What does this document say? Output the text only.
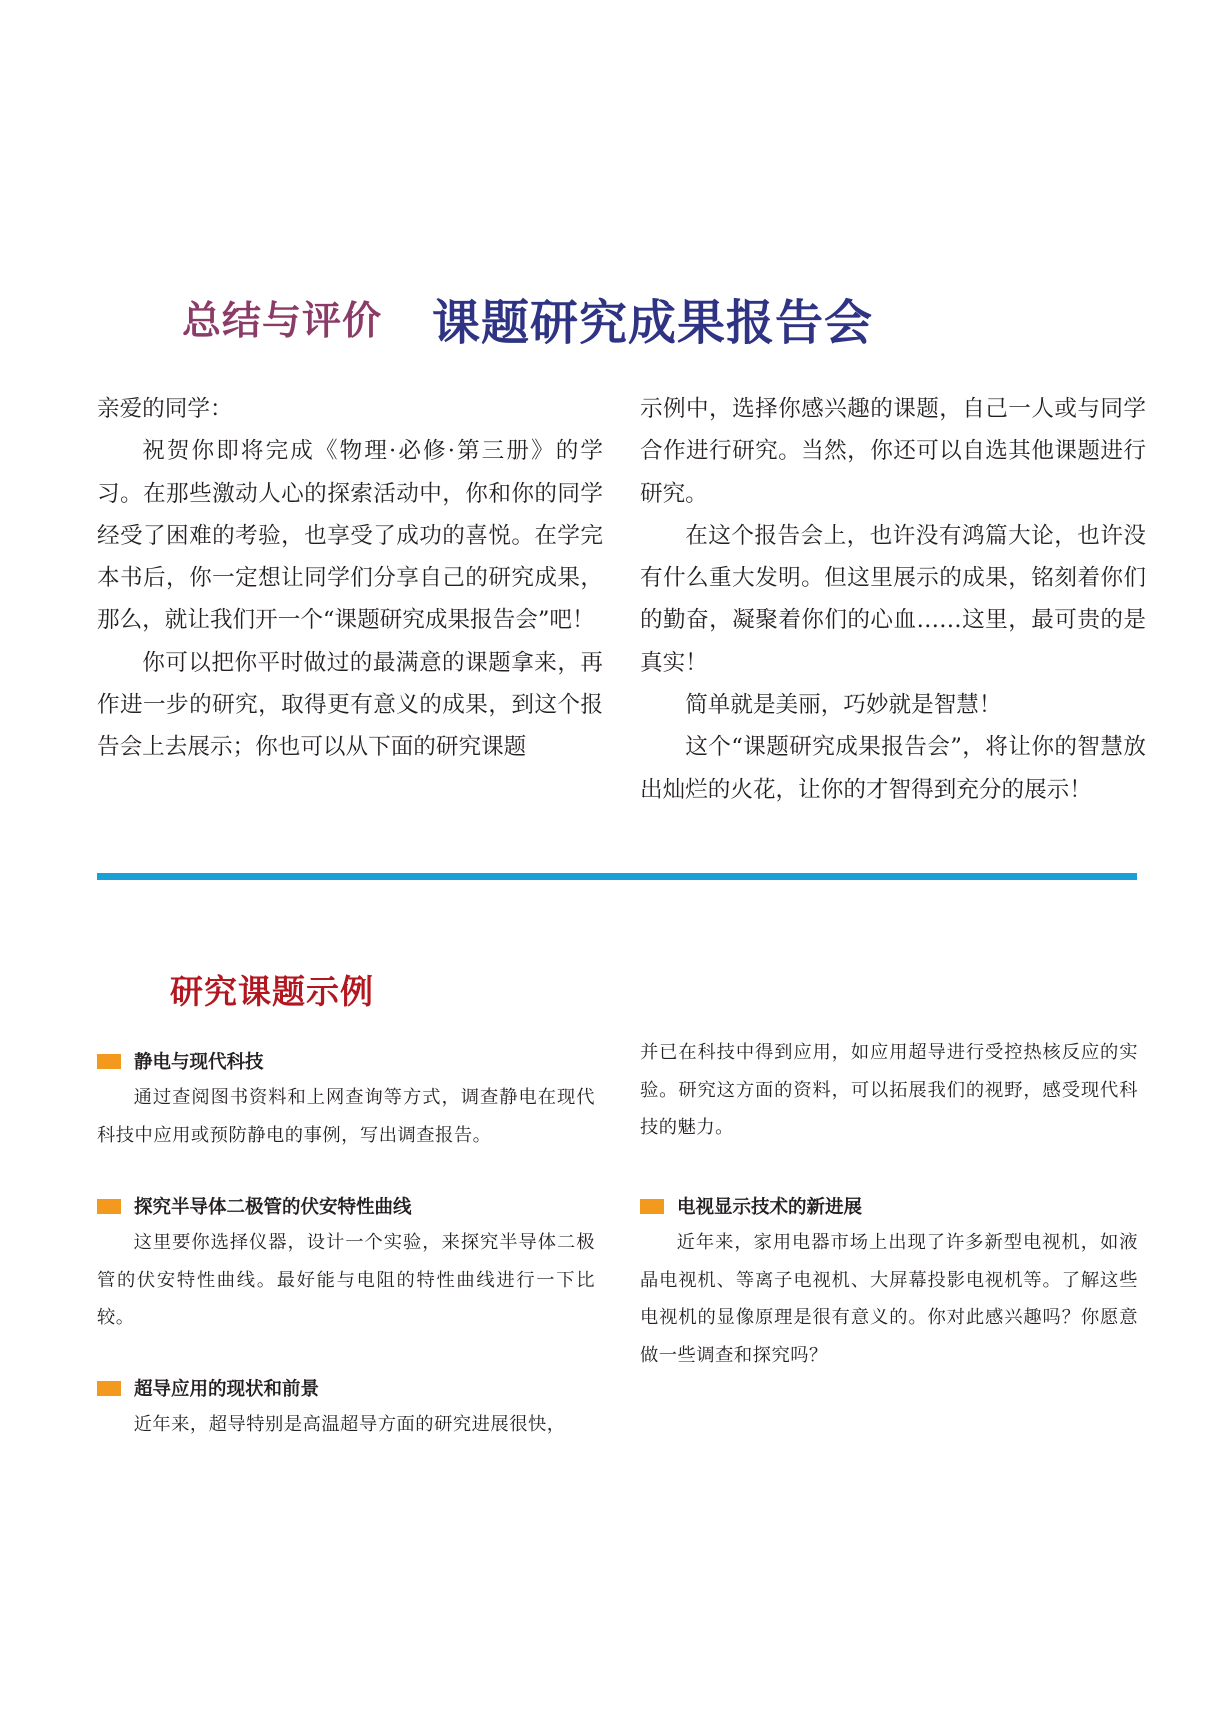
总结与评价 课题研究成果报告会

亲爱的同学：

祝贺你即将完成《物理·必修·第三册》的学习。在那些激动人心的探索活动中，你和你的同学经受了困难的考验，也享受了成功的喜悦。在学完本书后，你一定想让同学们分享自己的研究成果，那么，就让我们开一个“课题研究成果报告会”吧！

你可以把你平时做过的最满意的课题拿来，再作进一步的研究，取得更有意义的成果，到这个报告会上去展示；你也可以从下面的研究课题

示例中，选择你感兴趣的课题，自己一人或与同学合作进行研究。当然，你还可以自选其他课题进行研究。

在这个报告会上，也许没有鸿篇大论，也许没有什么重大发明。但这里展示的成果，铭刻着你们的勤奋，凝聚着你们的心血……这里，最可贵的是真实！

简单就是美丽，巧妙就是智慧！

这个“课题研究成果报告会”，将让你的智慧放出灿烂的火花，让你的才智得到充分的展示！

研究课题示例
静电与现代科技

通过查阅图书资料和上网查询等方式，调查静电在现代科技中应用或预防静电的事例，写出调查报告。

探究半导体二极管的伏安特性曲线

这里要你选择仪器，设计一个实验，来探究半导体二极管的伏安特性曲线。最好能与电阻的特性曲线进行一下比较。

超导应用的现状和前景

近年来，超导特别是高温超导方面的研究进展很快，

并已在科技中得到应用，如应用超导进行受控热核反应的实验。研究这方面的资料，可以拓展我们的视野，感受现代科技的魅力。

电视显示技术的新进展

近年来，家用电器市场上出现了许多新型电视机，如液晶电视机、等离子电视机、大屏幕投影电视机等。了解这些电视机的显像原理是很有意义的。你对此感兴趣吗？你愿意做一些调查和探究吗？
